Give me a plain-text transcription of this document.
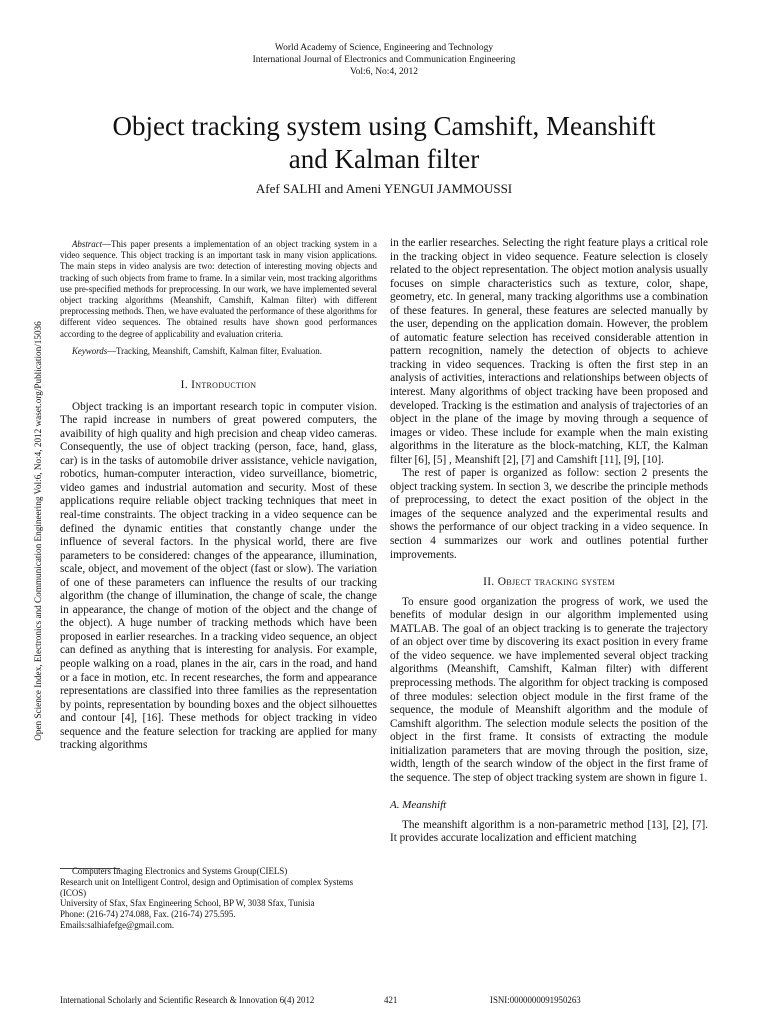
World Academy of Science, Engineering and Technology
International Journal of Electronics and Communication Engineering
Vol:6, No:4, 2012
Object tracking system using Camshift, Meanshift
and Kalman filter
Afef SALHI and Ameni YENGUI JAMMOUSSI
Open Science Index, Electronics and Communication Engineering Vol:6, No:4, 2012 waset.org/Publication/15036

Abstract—This paper presents a implementation of an object tracking system in a video sequence. This object tracking is an important task in many vision applications. The main steps in video analysis are two: detection of interesting moving objects and tracking of such objects from frame to frame. In a similar vein, most tracking algorithms use pre-specified methods for preprocessing. In our work, we have implemented several object tracking algorithms (Meanshift, Camshift, Kalman filter) with different preprocessing methods. Then, we have evaluated the performance of these algorithms for different video sequences. The obtained results have shown good performances according to the degree of applicability and evaluation criteria.

Keywords—Tracking, Meanshift, Camshift, Kalman filter, Evaluation.

I. Introduction

Object tracking is an important research topic in computer vision. The rapid increase in numbers of great powered computers, the avaibility of high quality and high precision and cheap video cameras. Consequently, the use of object tracking (person, face, hand, glass, car) is in the tasks of automobile driver assistance, vehicle navigation, robotics, human-computer interaction, video surveillance, biometric, video games and industrial automation and security. Most of these applications require reliable object tracking techniques that meet in real-time constraints. The object tracking in a video sequence can be defined the dynamic entities that constantly change under the influence of several factors. In the physical world, there are five parameters to be considered: changes of the appearance, illumination, scale, object, and movement of the object (fast or slow). The variation of one of these parameters can influence the results of our tracking algorithm (the change of illumination, the change of scale, the change in appearance, the change of motion of the object and the change of the object). A huge number of tracking methods which have been proposed in earlier researches. In a tracking video sequence, an object can defined as anything that is interesting for analysis. For example, people walking on a road, planes in the air, cars in the road, and hand or a face in motion, etc. In recent researches, the form and appearance representations are classified into three families as the representation by points, representation by bounding boxes and the object silhouettes and contour [4], [16]. These methods for object tracking in video sequence and the feature selection for tracking are applied for many tracking algorithms

Computers Imaging Electronics and Systems Group(CIELS)
Research unit on Intelligent Control, design and Optimisation of complex Systems (ICOS)
University of Sfax, Sfax Engineering School, BP W, 3038 Sfax, Tunisia
Phone: (216-74) 274.088, Fax. (216-74) 275.595.
Emails:salhiafefge@gmail.com.

in the earlier researches. Selecting the right feature plays a critical role in the tracking object in video sequence. Feature selection is closely related to the object representation. The object motion analysis usually focuses on simple characteristics such as texture, color, shape, geometry, etc. In general, many tracking algorithms use a combination of these features. In general, these features are selected manually by the user, depending on the application domain. However, the problem of automatic feature selection has received considerable attention in pattern recognition, namely the detection of objects to achieve tracking in video sequences. Tracking is often the first step in an analysis of activities, interactions and relationships between objects of interest. Many algorithms of object tracking have been proposed and developed. Tracking is the estimation and analysis of trajectories of an object in the plane of the image by moving through a sequence of images or video. These include for example when the main existing algorithms in the literature as the block-matching, KLT, the Kalman filter [6], [5] , Meanshift [2], [7] and Camshift [11], [9], [10].

The rest of paper is organized as follow: section 2 presents the object tracking system. In section 3, we describe the principle methods of preprocessing, to detect the exact position of the object in the images of the sequence analyzed and the experimental results and shows the performance of our object tracking in a video sequence. In section 4 summarizes our work and outlines potential further improvements.

II. Object tracking system

To ensure good organization the progress of work, we used the benefits of modular design in our algorithm implemented using MATLAB. The goal of an object tracking is to generate the trajectory of an object over time by discovering its exact position in every frame of the video sequence. we have implemented several object tracking algorithms (Meanshift, Camshift, Kalman filter) with different preprocessing methods. The algorithm for object tracking is composed of three modules: selection object module in the first frame of the sequence, the module of Meanshift algorithm and the module of Camshift algorithm. The selection module selects the position of the object in the first frame. It consists of extracting the module initialization parameters that are moving through the position, size, width, length of the search window of the object in the first frame of the sequence. The step of object tracking system are shown in figure 1.

A. Meanshift

The meanshift algorithm is a non-parametric method [13], [2], [7]. It provides accurate localization and efficient matching

International Scholarly and Scientific Research & Innovation 6(4) 2012	421	ISNI:0000000091950263
